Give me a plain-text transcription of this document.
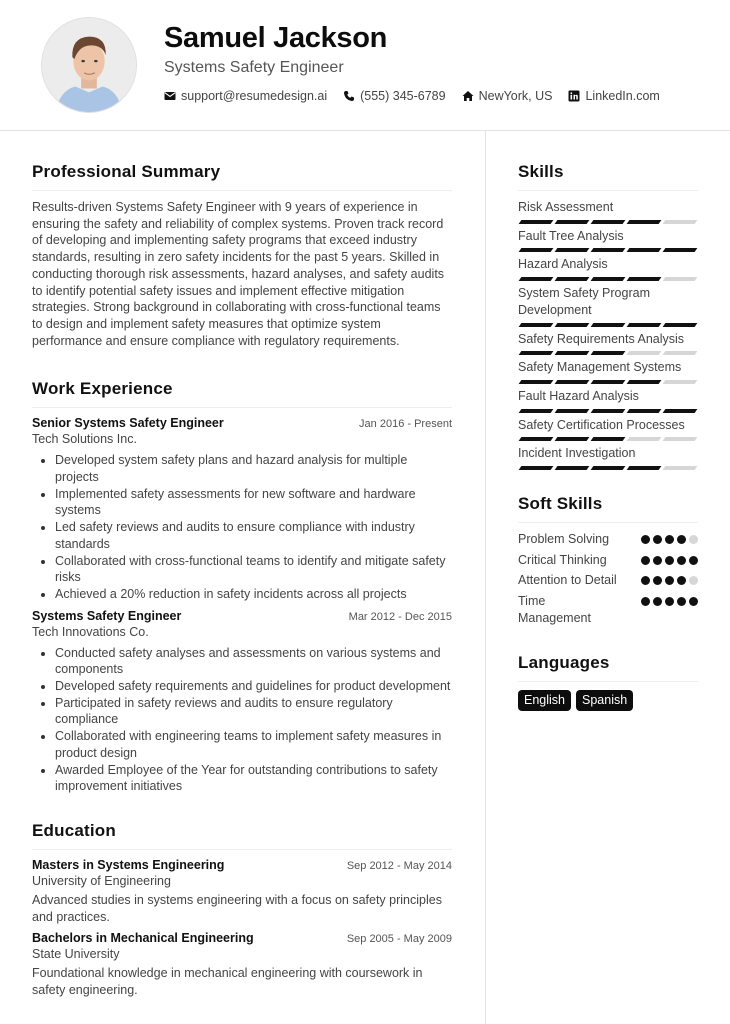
Samuel Jackson
Systems Safety Engineer
support@resumedesign.ai	(555) 345-6789	NewYork, US	LinkedIn.com
Professional Summary

Results-driven Systems Safety Engineer with 9 years of experience in ensuring the safety and reliability of complex systems. Proven track record of developing and implementing safety programs that exceed industry standards, resulting in zero safety incidents for the past 5 years. Skilled in conducting thorough risk assessments, hazard analyses, and safety audits to identify potential safety issues and implement effective mitigation strategies. Strong background in collaborating with cross-functional teams to design and implement safety measures that optimize system performance and ensure compliance with regulatory requirements.

Work Experience
Senior Systems Safety Engineer	Jan 2016 - Present
Tech Solutions Inc.
Developed system safety plans and hazard analysis for multiple projects
Implemented safety assessments for new software and hardware systems
Led safety reviews and audits to ensure compliance with industry standards
Collaborated with cross-functional teams to identify and mitigate safety risks
Achieved a 20% reduction in safety incidents across all projects
Systems Safety Engineer	Mar 2012 - Dec 2015
Tech Innovations Co.
Conducted safety analyses and assessments on various systems and components
Developed safety requirements and guidelines for product development
Participated in safety reviews and audits to ensure regulatory compliance
Collaborated with engineering teams to implement safety measures in product design
Awarded Employee of the Year for outstanding contributions to safety improvement initiatives
Education
Masters in Systems Engineering	Sep 2012 - May 2014
University of Engineering

Advanced studies in systems engineering with a focus on safety principles and practices.

Bachelors in Mechanical Engineering	Sep 2005 - May 2009
State University

Foundational knowledge in mechanical engineering with coursework in safety engineering.

Skills
Risk Assessment
Fault Tree Analysis
Hazard Analysis
System Safety Program Development
Safety Requirements Analysis
Safety Management Systems
Fault Hazard Analysis
Safety Certification Processes
Incident Investigation
Soft Skills
Problem Solving
Critical Thinking
Attention to Detail
Time Management
Languages
English	Spanish
